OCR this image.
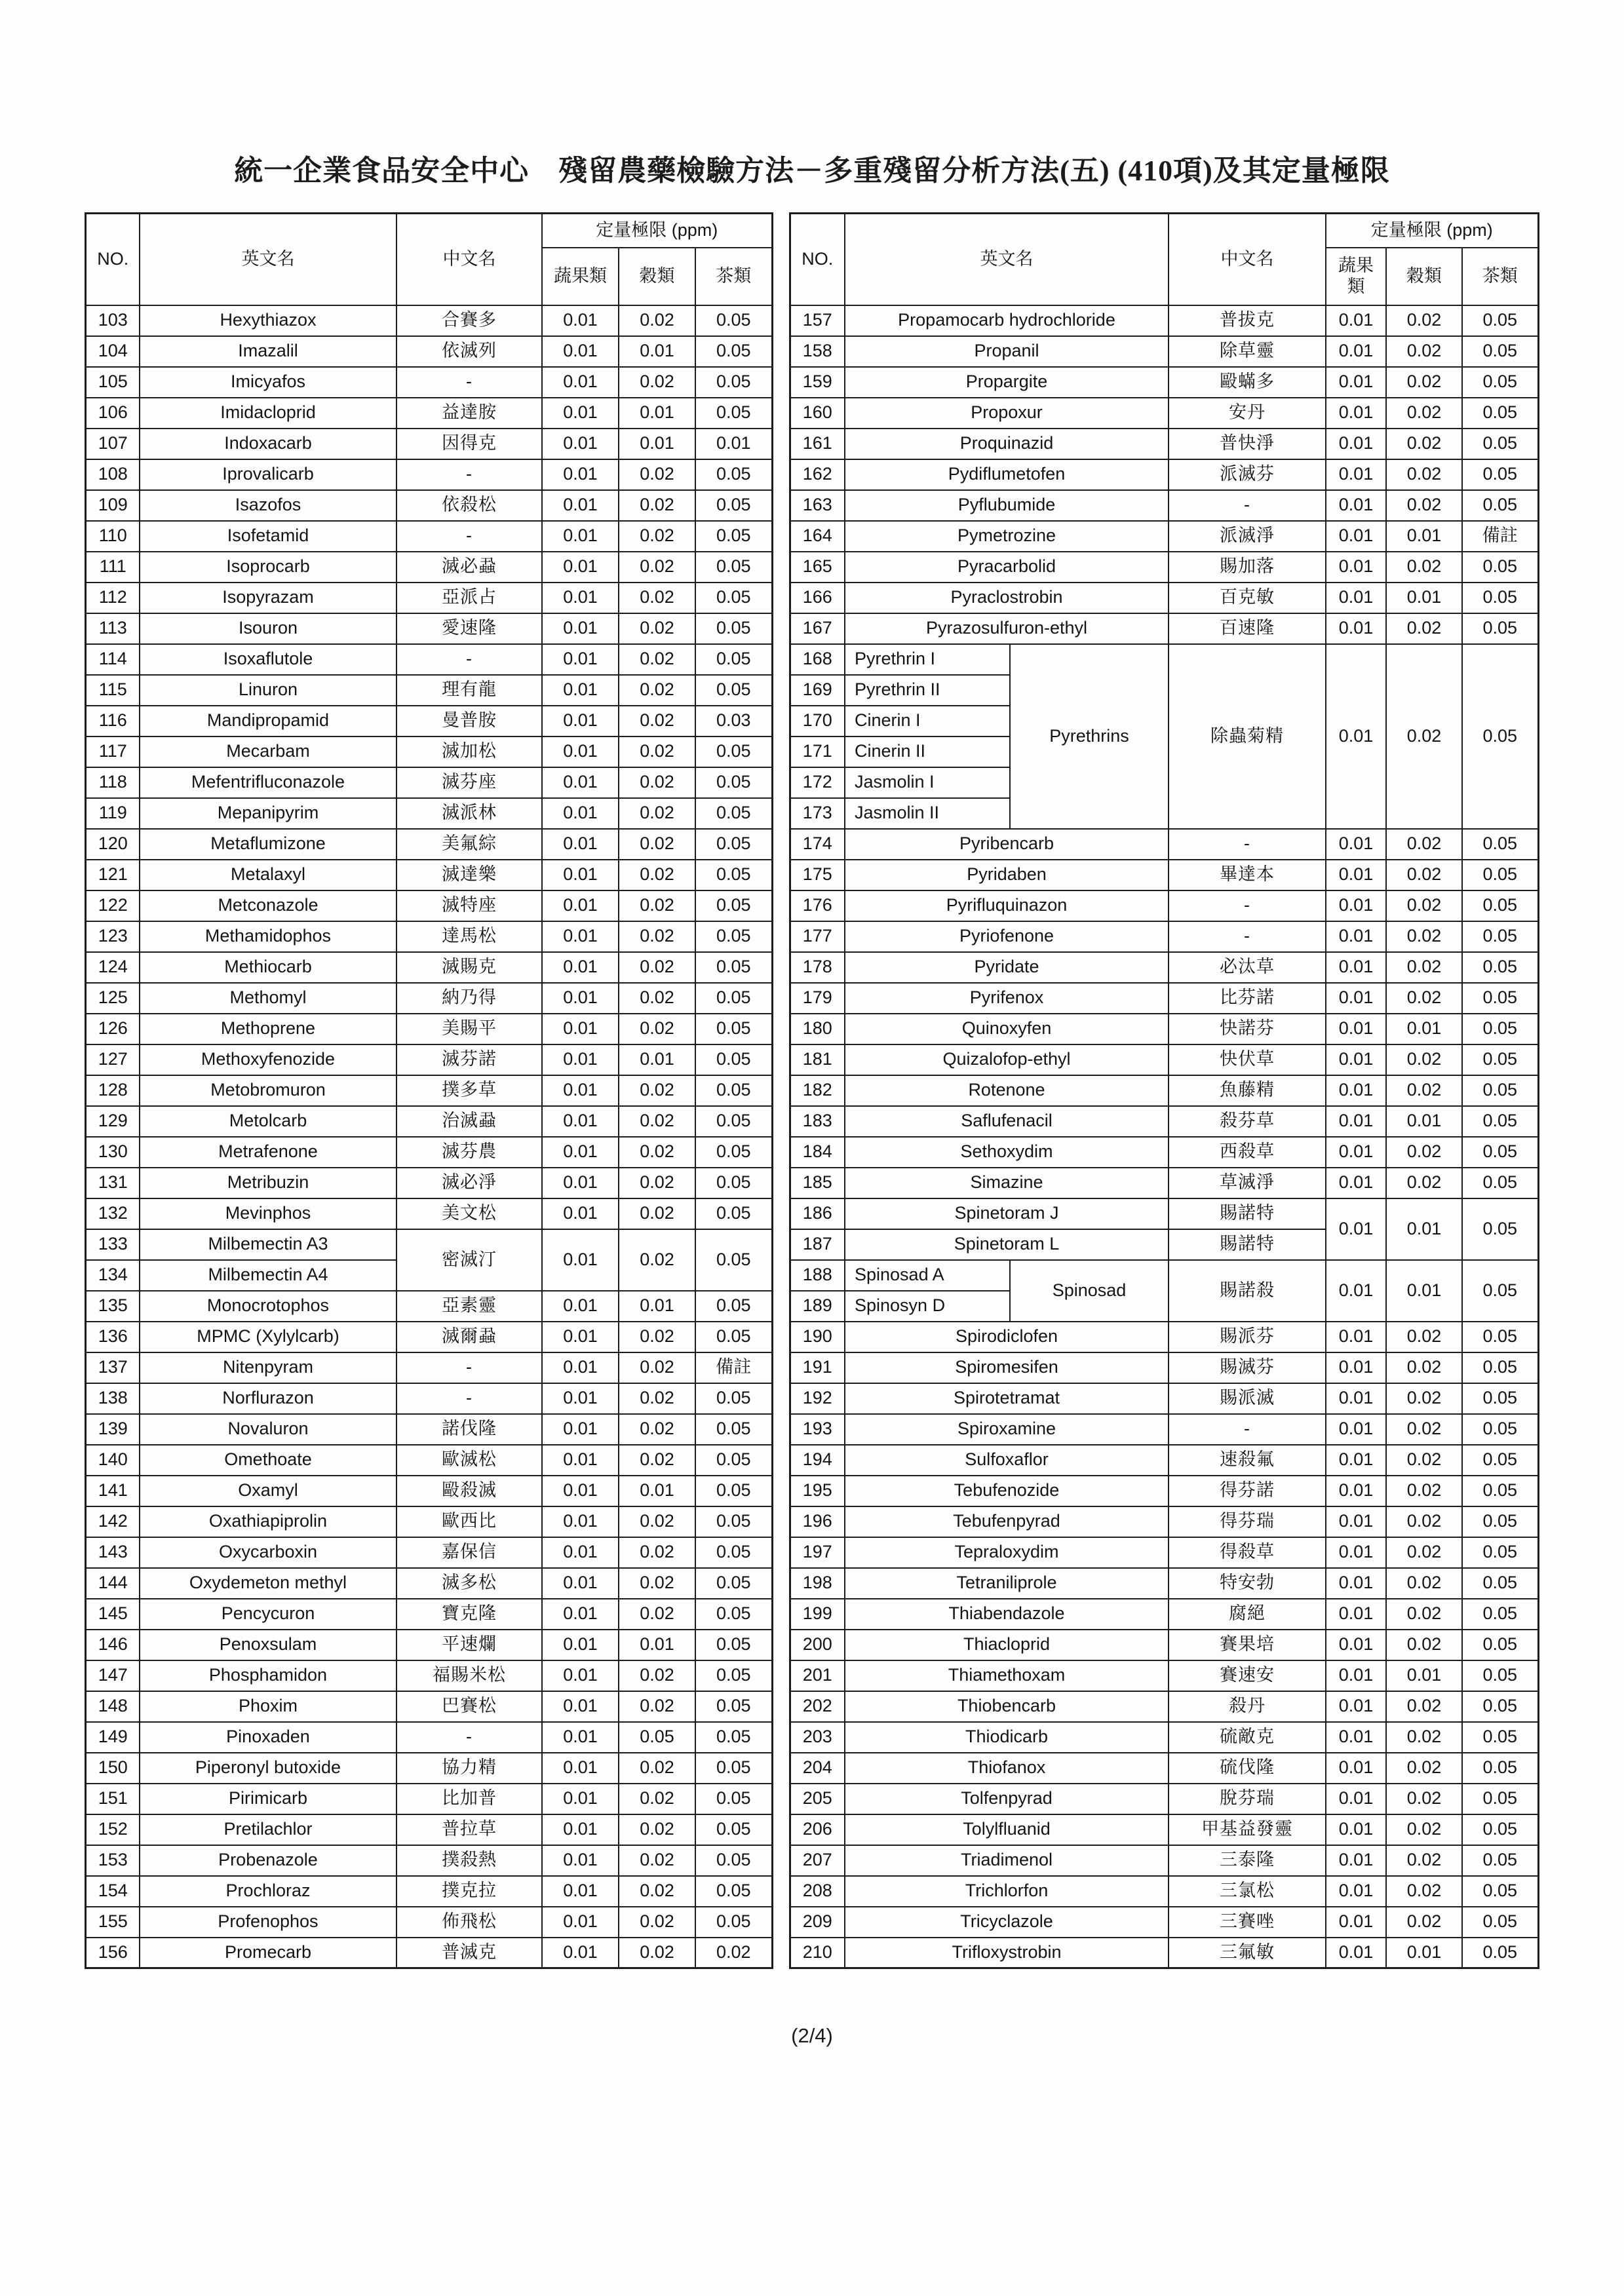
統一企業食品安全中心　殘留農藥檢驗方法－多重殘留分析方法(五) (410項)及其定量極限
NO.	英文名	中文名	定量極限 (ppm)		
			蔬果類	穀類	茶類
103	Hexythiazox	合賽多	0.01	0.02	0.05
104	Imazalil	依滅列	0.01	0.01	0.05
105	Imicyafos	-	0.01	0.02	0.05
106	Imidacloprid	益達胺	0.01	0.01	0.05
107	Indoxacarb	因得克	0.01	0.01	0.01
108	Iprovalicarb	-	0.01	0.02	0.05
109	Isazofos	依殺松	0.01	0.02	0.05
110	Isofetamid	-	0.01	0.02	0.05
111	Isoprocarb	滅必蝨	0.01	0.02	0.05
112	Isopyrazam	亞派占	0.01	0.02	0.05
113	Isouron	愛速隆	0.01	0.02	0.05
114	Isoxaflutole	-	0.01	0.02	0.05
115	Linuron	理有龍	0.01	0.02	0.05
116	Mandipropamid	曼普胺	0.01	0.02	0.03
117	Mecarbam	滅加松	0.01	0.02	0.05
118	Mefentrifluconazole	滅芬座	0.01	0.02	0.05
119	Mepanipyrim	滅派林	0.01	0.02	0.05
120	Metaflumizone	美氟綜	0.01	0.02	0.05
121	Metalaxyl	滅達樂	0.01	0.02	0.05
122	Metconazole	滅特座	0.01	0.02	0.05
123	Methamidophos	達馬松	0.01	0.02	0.05
124	Methiocarb	滅賜克	0.01	0.02	0.05
125	Methomyl	納乃得	0.01	0.02	0.05
126	Methoprene	美賜平	0.01	0.02	0.05
127	Methoxyfenozide	滅芬諾	0.01	0.01	0.05
128	Metobromuron	撲多草	0.01	0.02	0.05
129	Metolcarb	治滅蝨	0.01	0.02	0.05
130	Metrafenone	滅芬農	0.01	0.02	0.05
131	Metribuzin	滅必淨	0.01	0.02	0.05
132	Mevinphos	美文松	0.01	0.02	0.05
133	Milbemectin A3	密滅汀	0.01	0.02	0.05
134	Milbemectin A4				
135	Monocrotophos	亞素靈	0.01	0.01	0.05
136	MPMC (Xylylcarb)	滅爾蝨	0.01	0.02	0.05
137	Nitenpyram	-	0.01	0.02	備註
138	Norflurazon	-	0.01	0.02	0.05
139	Novaluron	諾伐隆	0.01	0.02	0.05
140	Omethoate	歐滅松	0.01	0.02	0.05
141	Oxamyl	毆殺滅	0.01	0.01	0.05
142	Oxathiapiprolin	歐西比	0.01	0.02	0.05
143	Oxycarboxin	嘉保信	0.01	0.02	0.05
144	Oxydemeton methyl	滅多松	0.01	0.02	0.05
145	Pencycuron	寶克隆	0.01	0.02	0.05
146	Penoxsulam	平速爛	0.01	0.01	0.05
147	Phosphamidon	福賜米松	0.01	0.02	0.05
148	Phoxim	巴賽松	0.01	0.02	0.05
149	Pinoxaden	-	0.01	0.05	0.05
150	Piperonyl butoxide	協力精	0.01	0.02	0.05
151	Pirimicarb	比加普	0.01	0.02	0.05
152	Pretilachlor	普拉草	0.01	0.02	0.05
153	Probenazole	撲殺熱	0.01	0.02	0.05
154	Prochloraz	撲克拉	0.01	0.02	0.05
155	Profenophos	佈飛松	0.01	0.02	0.05
156	Promecarb	普滅克	0.01	0.02	0.02
NO.	英文名		中文名	定量極限 (ppm)		
				蔬果類	穀類	茶類
157	Propamocarb hydrochloride		普拔克	0.01	0.02	0.05
158	Propanil		除草靈	0.01	0.02	0.05
159	Propargite		毆蟎多	0.01	0.02	0.05
160	Propoxur		安丹	0.01	0.02	0.05
161	Proquinazid		普快淨	0.01	0.02	0.05
162	Pydiflumetofen		派滅芬	0.01	0.02	0.05
163	Pyflubumide		-	0.01	0.02	0.05
164	Pymetrozine		派滅淨	0.01	0.01	備註
165	Pyracarbolid		賜加落	0.01	0.02	0.05
166	Pyraclostrobin		百克敏	0.01	0.01	0.05
167	Pyrazosulfuron-ethyl		百速隆	0.01	0.02	0.05
168	Pyrethrin I	Pyrethrins	除蟲菊精	0.01	0.02	0.05
169	Pyrethrin II					
170	Cinerin I					
171	Cinerin II					
172	Jasmolin I					
173	Jasmolin II					
174	Pyribencarb		-	0.01	0.02	0.05
175	Pyridaben		畢達本	0.01	0.02	0.05
176	Pyrifluquinazon		-	0.01	0.02	0.05
177	Pyriofenone		-	0.01	0.02	0.05
178	Pyridate		必汰草	0.01	0.02	0.05
179	Pyrifenox		比芬諾	0.01	0.02	0.05
180	Quinoxyfen		快諾芬	0.01	0.01	0.05
181	Quizalofop-ethyl		快伏草	0.01	0.02	0.05
182	Rotenone		魚藤精	0.01	0.02	0.05
183	Saflufenacil		殺芬草	0.01	0.01	0.05
184	Sethoxydim		西殺草	0.01	0.02	0.05
185	Simazine		草滅淨	0.01	0.02	0.05
186	Spinetoram J		賜諾特	0.01	0.01	0.05
187	Spinetoram L		賜諾特			
188	Spinosad A	Spinosad	賜諾殺	0.01	0.01	0.05
189	Spinosyn D					
190	Spirodiclofen		賜派芬	0.01	0.02	0.05
191	Spiromesifen		賜滅芬	0.01	0.02	0.05
192	Spirotetramat		賜派滅	0.01	0.02	0.05
193	Spiroxamine		-	0.01	0.02	0.05
194	Sulfoxaflor		速殺氟	0.01	0.02	0.05
195	Tebufenozide		得芬諾	0.01	0.02	0.05
196	Tebufenpyrad		得芬瑞	0.01	0.02	0.05
197	Tepraloxydim		得殺草	0.01	0.02	0.05
198	Tetraniliprole		特安勃	0.01	0.02	0.05
199	Thiabendazole		腐絕	0.01	0.02	0.05
200	Thiacloprid		賽果培	0.01	0.02	0.05
201	Thiamethoxam		賽速安	0.01	0.01	0.05
202	Thiobencarb		殺丹	0.01	0.02	0.05
203	Thiodicarb		硫敵克	0.01	0.02	0.05
204	Thiofanox		硫伐隆	0.01	0.02	0.05
205	Tolfenpyrad		脫芬瑞	0.01	0.02	0.05
206	Tolylfluanid		甲基益發靈	0.01	0.02	0.05
207	Triadimenol		三泰隆	0.01	0.02	0.05
208	Trichlorfon		三氯松	0.01	0.02	0.05
209	Tricyclazole		三賽唑	0.01	0.02	0.05
210	Trifloxystrobin		三氟敏	0.01	0.01	0.05
(2/4)
